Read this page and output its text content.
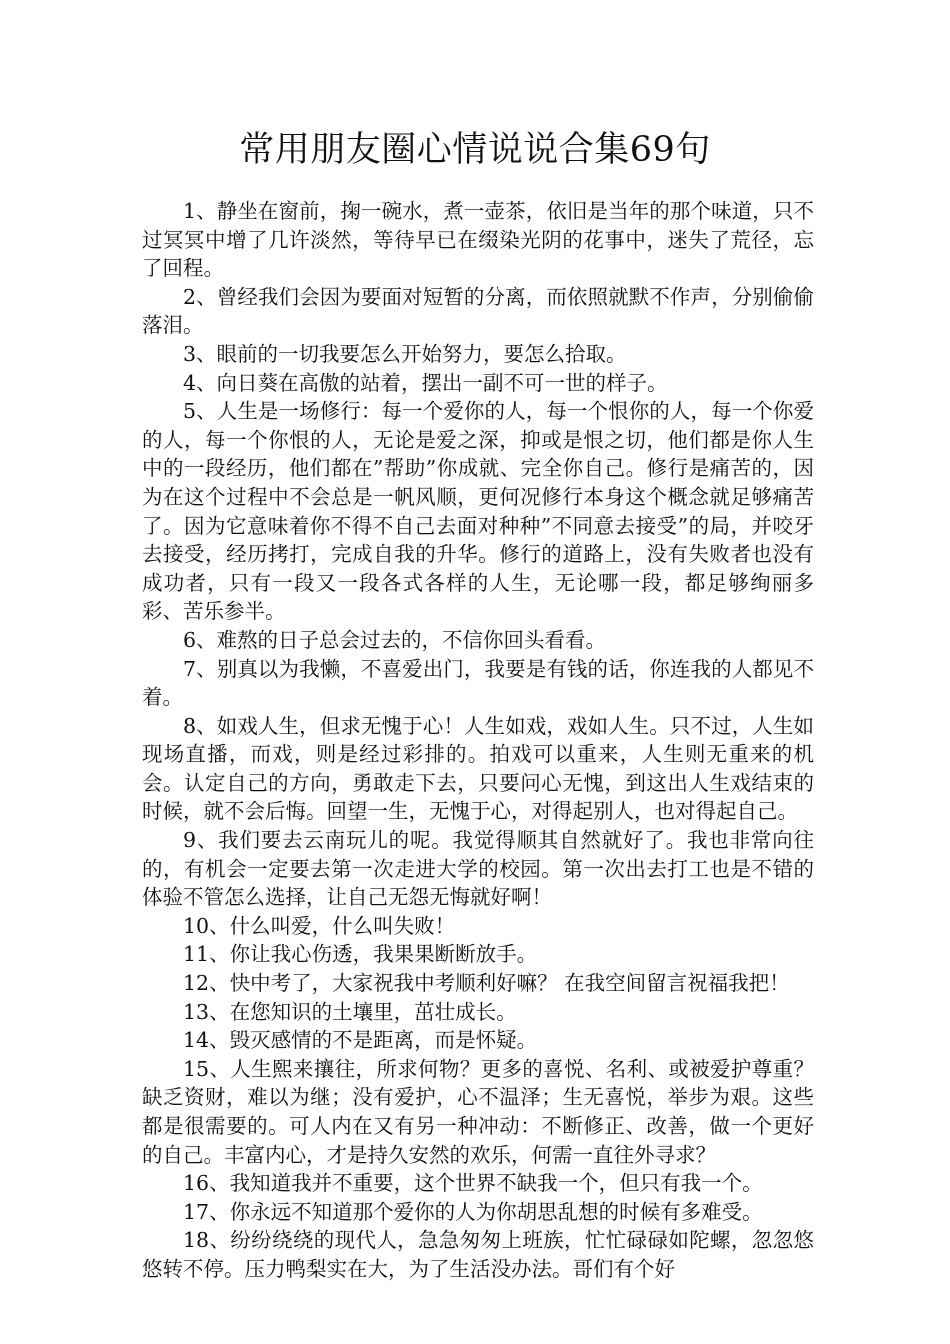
常用朋友圈心情说说合集69句

1、静坐在窗前，掬一碗水，煮一壶茶，依旧是当年的那个味道，只不过冥冥中增了几许淡然，等待早已在缀染光阴的花事中，迷失了荒径，忘了回程。

2、曾经我们会因为要面对短暂的分离，而依照就默不作声，分别偷偷落泪。

3、眼前的一切我要怎么开始努力，要怎么拾取。

4、向日葵在高傲的站着，摆出一副不可一世的样子。

5、人生是一场修行：每一个爱你的人，每一个恨你的人，每一个你爱的人，每一个你恨的人，无论是爱之深，抑或是恨之切，他们都是你人生中的一段经历，他们都在”帮助”你成就、完全你自己。修行是痛苦的，因为在这个过程中不会总是一帆风顺，更何况修行本身这个概念就足够痛苦了。因为它意味着你不得不自己去面对种种”不同意去接受”的局，并咬牙去接受，经历拷打，完成自我的升华。修行的道路上，没有失败者也没有成功者，只有一段又一段各式各样的人生，无论哪一段，都足够绚丽多彩、苦乐参半。

6、难熬的日子总会过去的，不信你回头看看。

7、别真以为我懒，不喜爱出门，我要是有钱的话，你连我的人都见不着。

8、如戏人生，但求无愧于心！人生如戏，戏如人生。只不过，人生如现场直播，而戏，则是经过彩排的。拍戏可以重来，人生则无重来的机会。认定自己的方向，勇敢走下去，只要问心无愧，到这出人生戏结束的时候，就不会后悔。回望一生，无愧于心，对得起别人，也对得起自己。

9、我们要去云南玩儿的呢。我觉得顺其自然就好了。我也非常向往的，有机会一定要去第一次走进大学的校园。第一次出去打工也是不错的体验不管怎么选择，让自己无怨无悔就好啊！

10、什么叫爱，什么叫失败！

11、你让我心伤透，我果果断断放手。

12、快中考了，大家祝我中考顺利好嘛？ 在我空间留言祝福我把！

13、在您知识的土壤里，茁壮成长。

14、毁灭感情的不是距离，而是怀疑。

15、人生熙来攘往，所求何物？更多的喜悦、名利、或被爱护尊重？缺乏资财，难以为继；没有爱护，心不温泽；生无喜悦，举步为艰。这些都是很需要的。可人内在又有另一种冲动：不断修正、改善，做一个更好的自己。丰富内心，才是持久安然的欢乐，何需一直往外寻求？

16、我知道我并不重要，这个世界不缺我一个，但只有我一个。

17、你永远不知道那个爱你的人为你胡思乱想的时候有多难受。

18、纷纷绕绕的现代人，急急匆匆上班族，忙忙碌碌如陀螺，忽忽悠悠转不停。压力鸭梨实在大，为了生活没办法。哥们有个好
